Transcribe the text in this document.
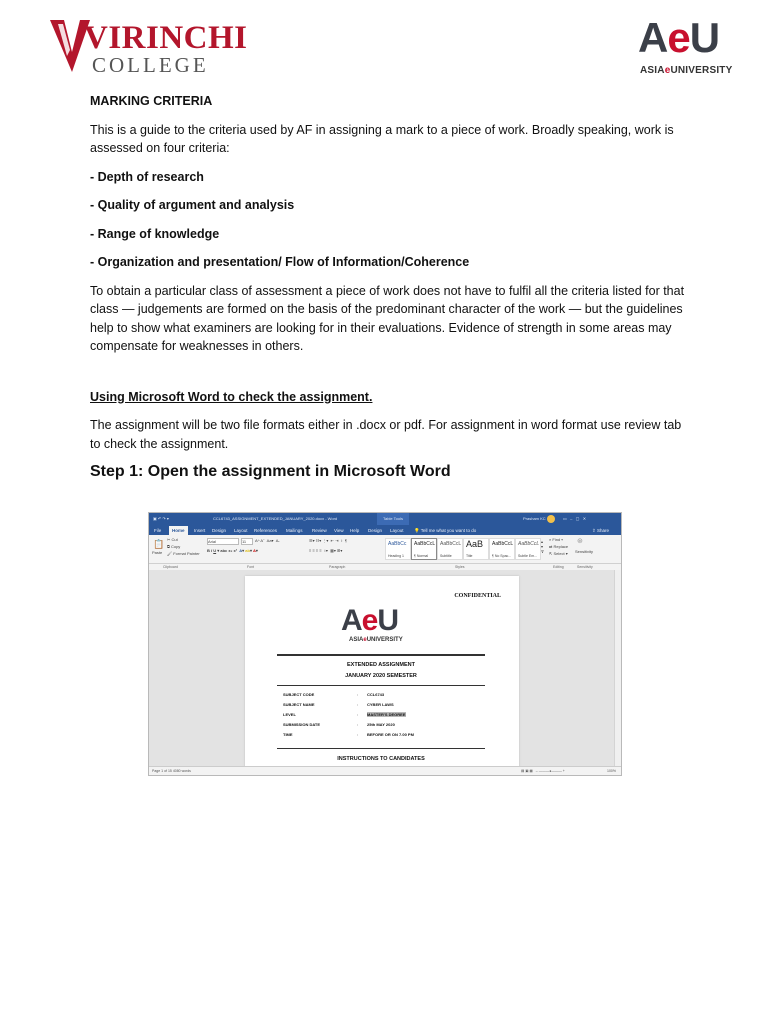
VIRINCHI
COLLEGE
AeU
ASIAeUNIVERSITY

MARKING CRITERIA

This is a guide to the criteria used by AF in assigning a mark to a piece of work. Broadly speaking, work is assessed on four criteria:

- Depth of research

- Quality of argument and analysis

- Range of knowledge

- Organization and presentation/ Flow of Information/Coherence

To obtain a particular class of assessment a piece of work does not have to fulfil all the criteria listed for that class — judgements are formed on the basis of the predominant character of the work — but the guidelines help to show what examiners are looking for in their evaluations. Evidence of strength in some areas may compensate for weaknesses in others.

Using Microsoft Word to check the assignment.

The assignment will be two file formats either in .docx or pdf. For assignment in word format use review tab to check the assignment.

Step 1: Open the assignment in Microsoft Word

▣ ↶ ↷ ▾	CCL6743_ASSIGNMENT_EXTENDED_JANUARY_2020.docx - Word	Table Tools	Prasham KC	▭   –   ▢   ✕
File	Home	Insert	Design	Layout	References	Mailings	Review	View	Help	Design	Layout	💡 Tell me what you want to do	⇪ Share
📋
Paste
✂ Cut
⧉ Copy
🖌 Format Painter
Arial	11	A^ Aˇ  Aa▾  A̶
B I U ▾ abc x₂ x²  A▾ ab▾ A▾
☰▾ ☷▾ ⋮▾  ⇤ ⇥  ↕  ¶
≡ ≡ ≡ ≡  ↕▾  ▦▾ ⊞▾
AaBbCc
Heading 1
AaBbCcL
¶ Normal
AaBbCcL
Subtitle
AaB
Title
AaBbCcL
¶ No Spac...
AaBbCcL
Subtle Em...
▴
▾
⊽
⌕ Find ▾
⇄ Replace
⇱ Select ▾
⊛
Sensitivity
Clipboard	Font	Paragraph	Styles	Editing	Sensitivity
CONFIDENTIAL
AeU
ASIAeUNIVERSITY
EXTENDED ASSIGNMENT
JANUARY 2020 SEMESTER
SUBJECT CODE	: CCL6743
SUBJECT NAME	: CYBER LAWS
LEVEL	: MASTER'S DEGREE
SUBMISSION DATE	: 25th MAY 2020
TIME	: BEFORE OR ON 7.00 PM
INSTRUCTIONS TO CANDIDATES
Page 1 of 15 4080 words	▤ ▣ ▦   – ———●——— +	100%
